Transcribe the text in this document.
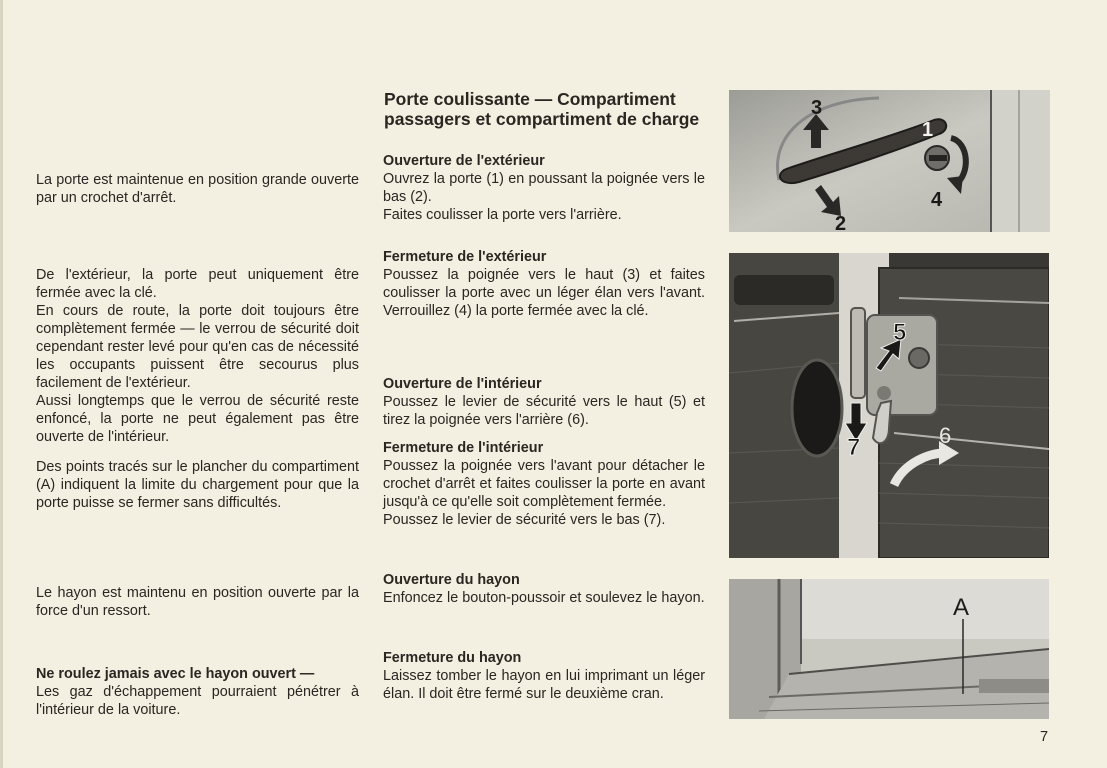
La porte est maintenue en position grande ouverte par un crochet d'arrêt.

De l'extérieur, la porte peut uniquement être fermée avec la clé.

En cours de route, la porte doit toujours être complètement fermée — le verrou de sécurité doit cependant rester levé pour qu'en cas de nécessité les occupants puissent être secourus plus facilement de l'extérieur.

Aussi longtemps que le verrou de sécurité reste enfoncé, la porte ne peut également pas être ouverte de l'intérieur.

Des points tracés sur le plancher du compartiment (A) indiquent la limite du chargement pour que la porte puisse se fermer sans difficultés.

Le hayon est maintenu en position ouverte par la force d'un ressort.

Ne roulez jamais avec le hayon ouvert —
Les gaz d'échappement pourraient pénétrer à l'intérieur de la voiture.
Porte coulissante — Compartiment passagers et compartiment de charge
Ouverture de l'extérieur
Ouvrez la porte (1) en poussant la poignée vers le bas (2).
Faites coulisser la porte vers l'arrière.
Fermeture de l'extérieur
Poussez la poignée vers le haut (3) et faites coulisser la porte avec un léger élan vers l'avant. Verrouillez (4) la porte fermée avec la clé.
Ouverture de l'intérieur
Poussez le levier de sécurité vers le haut (5) et tirez la poignée vers l'arrière (6).
Fermeture de l'intérieur
Poussez la poignée vers l'avant pour détacher le crochet d'arrêt et faites coulisser la porte en avant jusqu'à ce qu'elle soit complètement fermée.
Poussez le levier de sécurité vers le bas (7).
Ouverture du hayon
Enfoncez le bouton-poussoir et soulevez le hayon.
Fermeture du hayon
Laissez tomber le hayon en lui imprimant un léger élan. Il doit être fermé sur le deuxième cran.
3
1
4
2
5
6
7
A
7
